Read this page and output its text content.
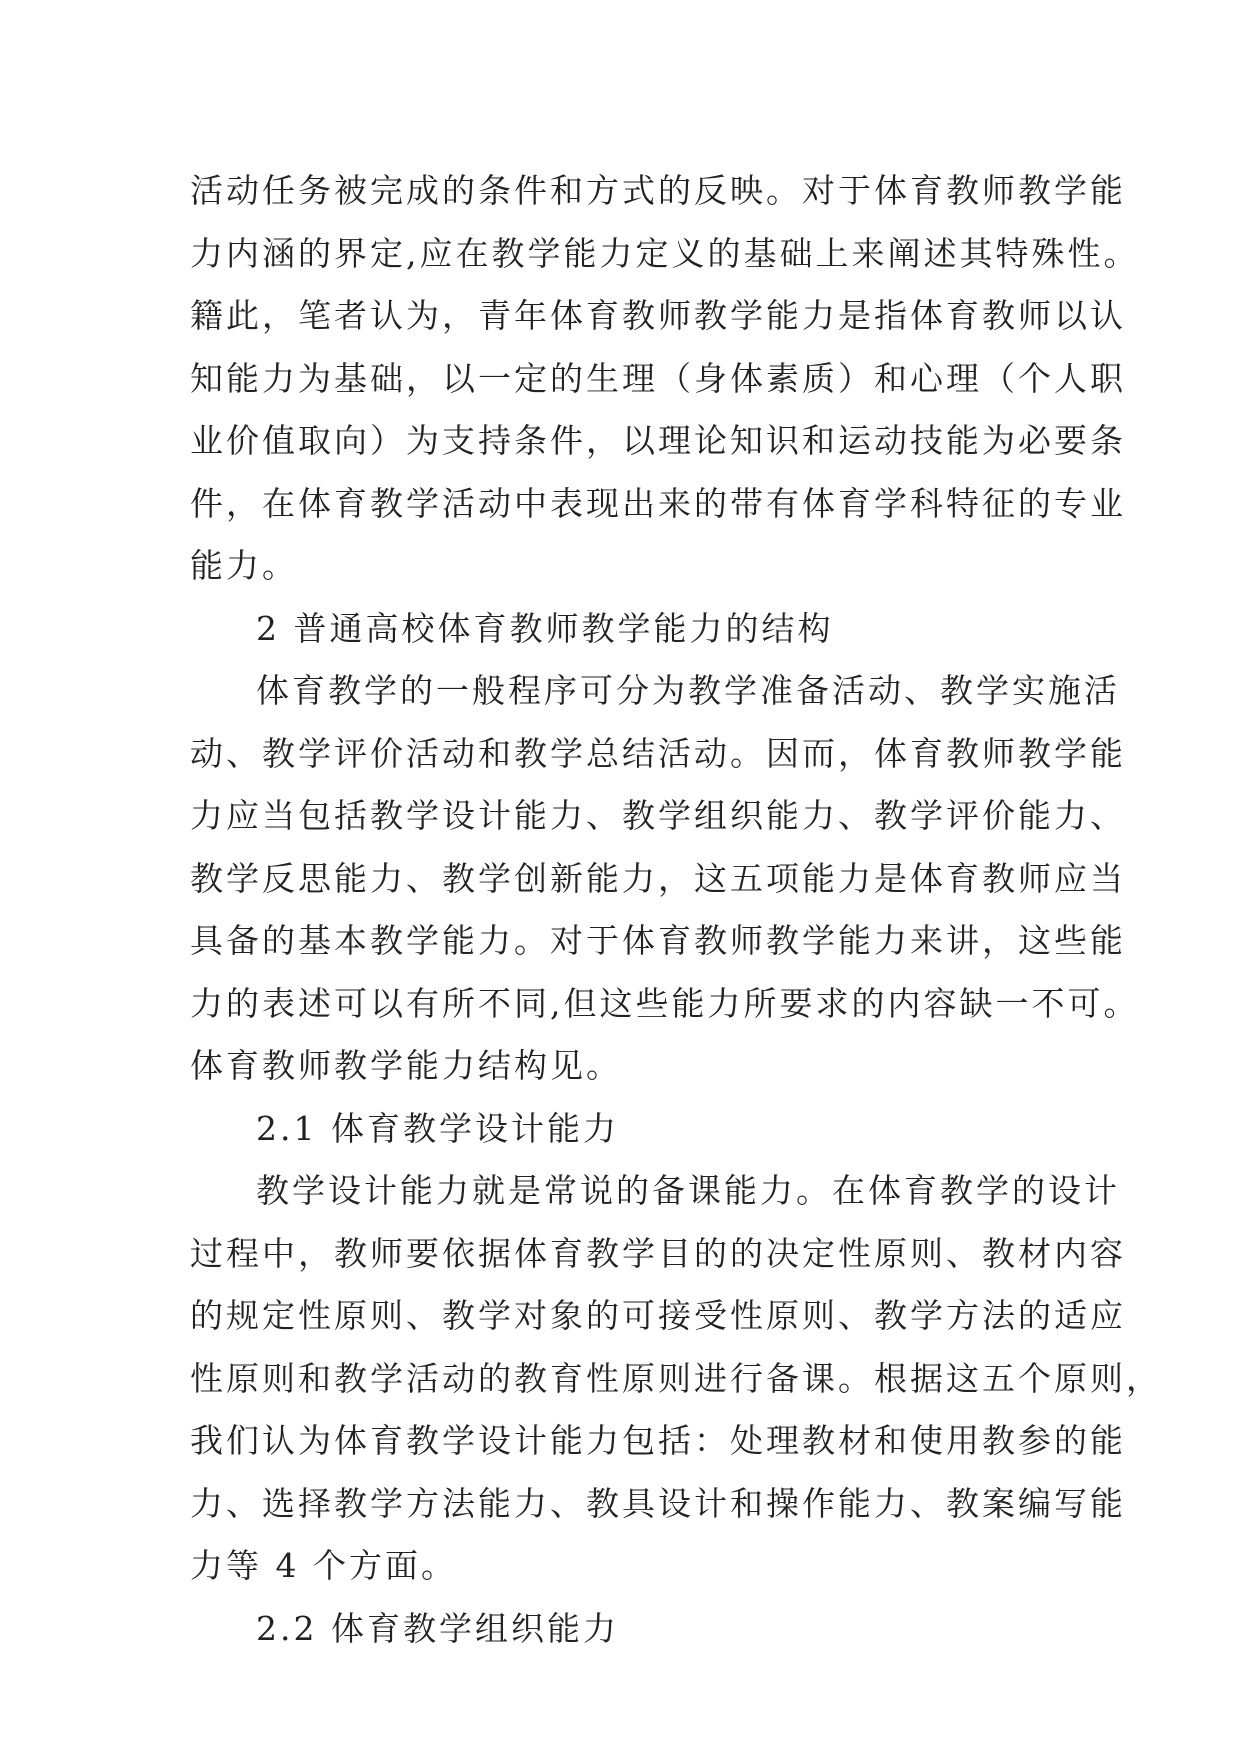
活动任务被完成的条件和方式的反映。对于体育教师教学能
力内涵的界定,应在教学能力定义的基础上来阐述其特殊性。
籍此，笔者认为，青年体育教师教学能力是指体育教师以认
知能力为基础，以一定的生理（身体素质）和心理（个人职
业价值取向）为支持条件，以理论知识和运动技能为必要条
件，在体育教学活动中表现出来的带有体育学科特征的专业
能力。
2 普通高校体育教师教学能力的结构
体育教学的一般程序可分为教学准备活动、教学实施活
动、教学评价活动和教学总结活动。因而，体育教师教学能
力应当包括教学设计能力、教学组织能力、教学评价能力、
教学反思能力、教学创新能力，这五项能力是体育教师应当
具备的基本教学能力。对于体育教师教学能力来讲，这些能
力的表述可以有所不同,但这些能力所要求的内容缺一不可。
体育教师教学能力结构见。
2.1 体育教学设计能力
教学设计能力就是常说的备课能力。在体育教学的设计
过程中，教师要依据体育教学目的的决定性原则、教材内容
的规定性原则、教学对象的可接受性原则、教学方法的适应
性原则和教学活动的教育性原则进行备课。根据这五个原则，
我们认为体育教学设计能力包括：处理教材和使用教参的能
力、选择教学方法能力、教具设计和操作能力、教案编写能
力等 4 个方面。
2.2 体育教学组织能力
